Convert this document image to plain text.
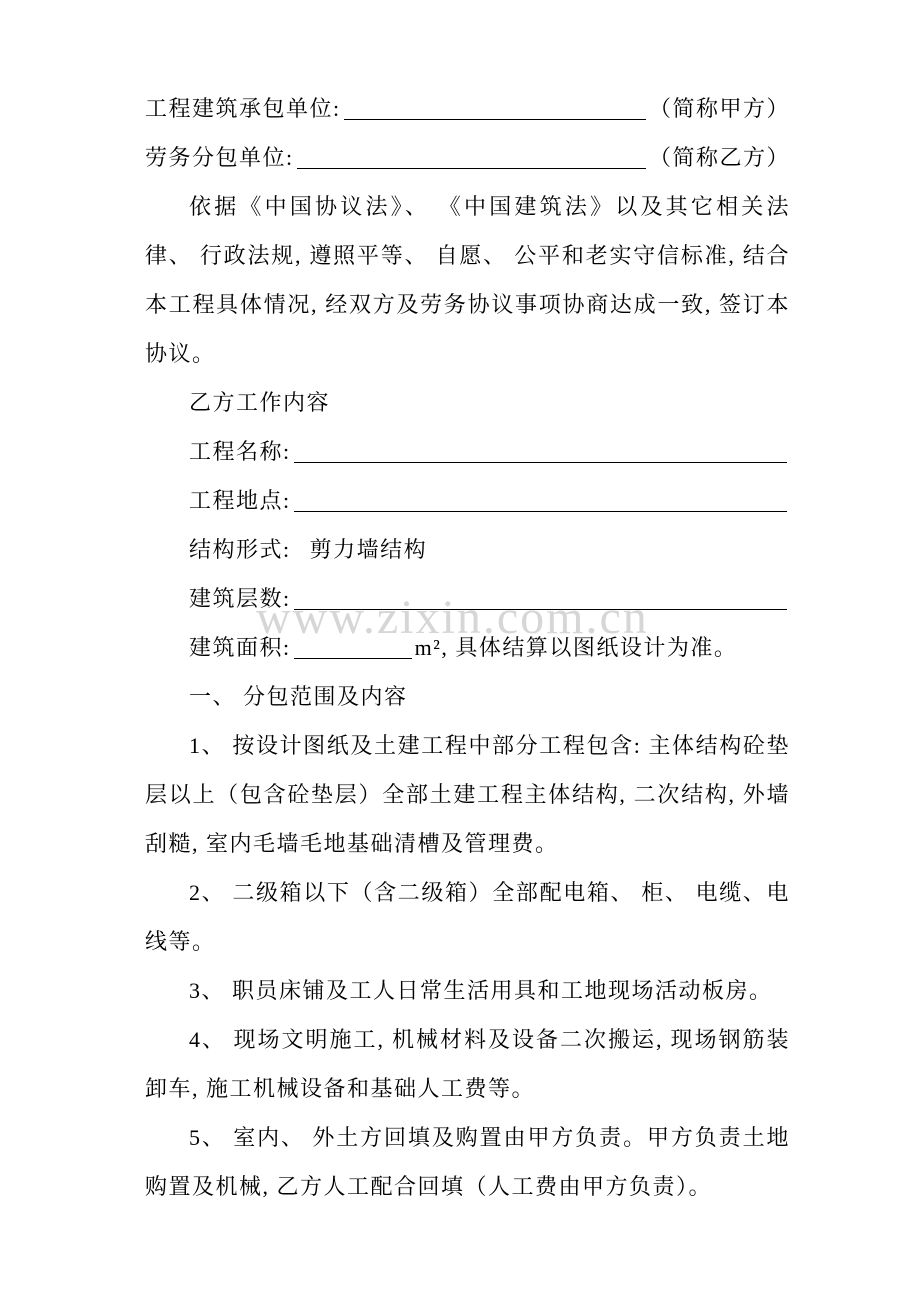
www.zixin.com.cn
工程建筑承包单位:	（简称甲方）
劳务分包单位:	（简称乙方）

依据《中国协议法》、 《中国建筑法》以及其它相关法律、 行政法规, 遵照平等、 自愿、 公平和老实守信标准, 结合本工程具体情况, 经双方及劳务协议事项协商达成一致, 签订本协议。

乙方工作内容
工程名称:
工程地点:
结构形式: 剪力墙结构
建筑层数:
建筑面积:	m², 具体结算以图纸设计为准。
一、 分包范围及内容

1、 按设计图纸及土建工程中部分工程包含: 主体结构砼垫层以上（包含砼垫层）全部土建工程主体结构, 二次结构, 外墙刮糙, 室内毛墙毛地基础清槽及管理费。

2、 二级箱以下（含二级箱）全部配电箱、 柜、 电缆、电线等。

3、 职员床铺及工人日常生活用具和工地现场活动板房。

4、 现场文明施工, 机械材料及设备二次搬运, 现场钢筋装卸车, 施工机械设备和基础人工费等。

5、 室内、 外土方回填及购置由甲方负责。甲方负责土地购置及机械, 乙方人工配合回填（人工费由甲方负责）。
